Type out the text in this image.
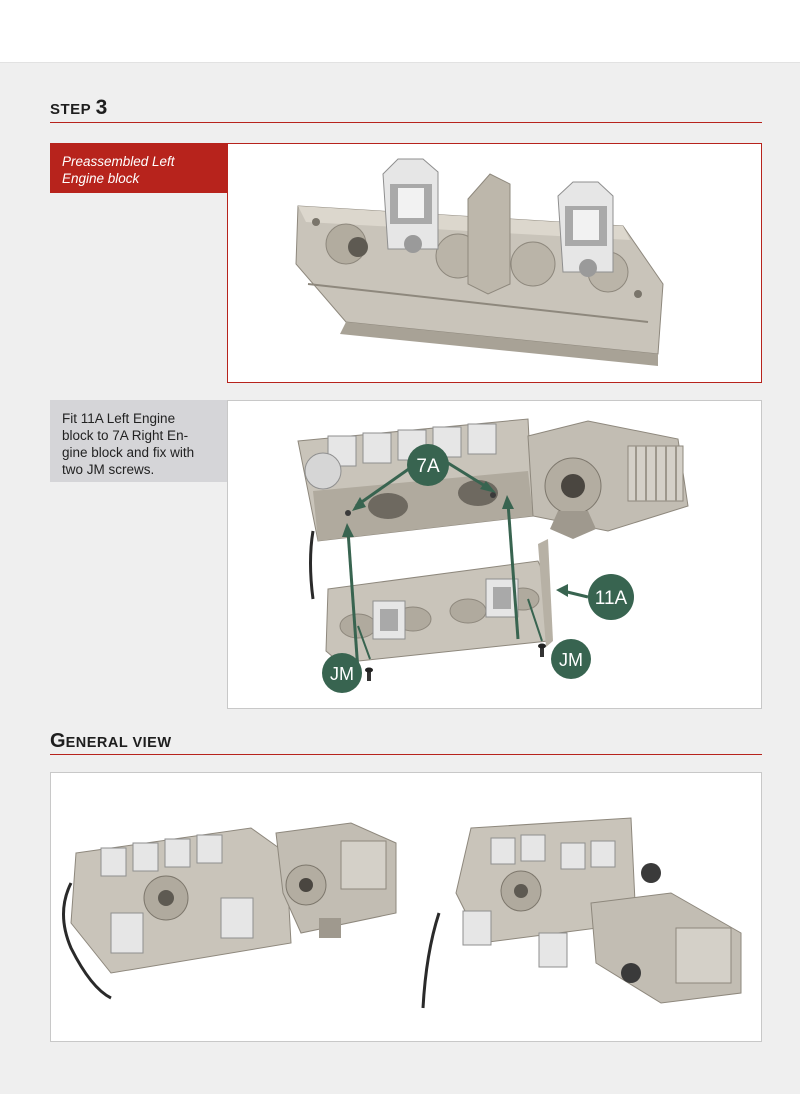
STEP 3
Preassembled Left Engine block
Fit 11A Left Engine
block to 7A Right En-
gine block and fix with
two JM screws.	7A
11A
JM
JM
GENERAL VIEW
